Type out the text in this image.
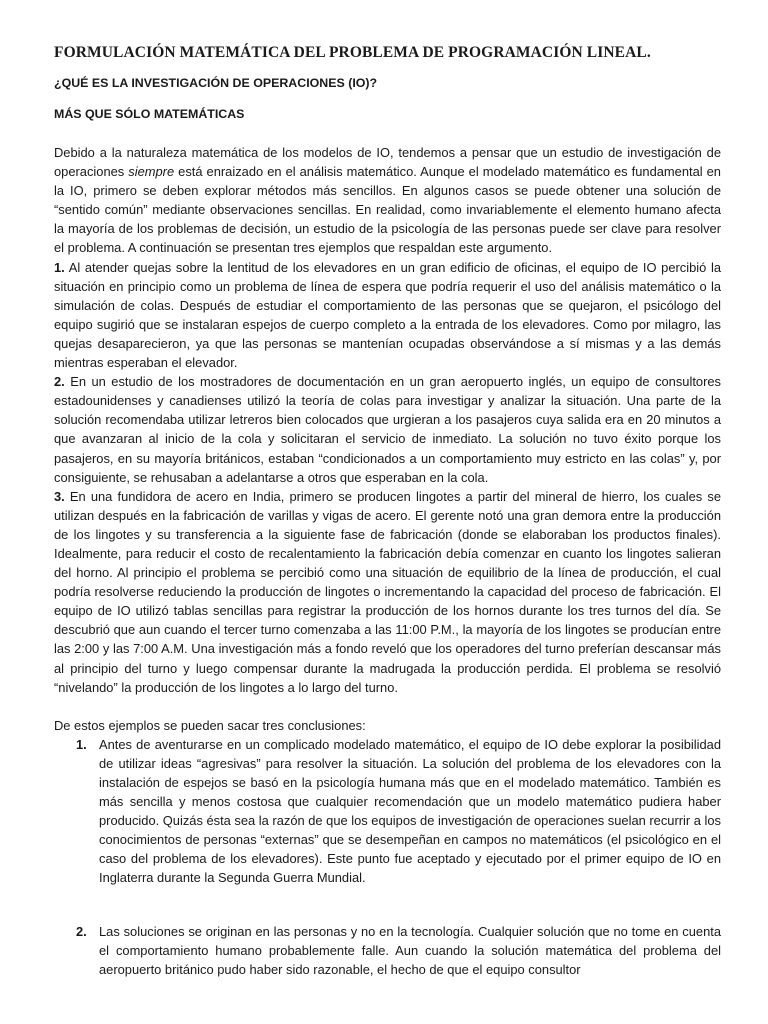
FORMULACIÓN MATEMÁTICA DEL PROBLEMA DE PROGRAMACIÓN LINEAL.
¿QUÉ ES LA INVESTIGACIÓN DE OPERACIONES (IO)?
MÁS QUE SÓLO MATEMÁTICAS

Debido a la naturaleza matemática de los modelos de IO, tendemos a pensar que un estudio de investigación de operaciones siempre está enraizado en el análisis matemático. Aunque el modelado matemático es fundamental en la IO, primero se deben explorar métodos más sencillos. En algunos casos se puede obtener una solución de “sentido común” mediante observaciones sencillas. En realidad, como invariablemente el elemento humano afecta la mayoría de los problemas de decisión, un estudio de la psicología de las personas puede ser clave para resolver el problema. A continuación se presentan tres ejemplos que respaldan este argumento.

1. Al atender quejas sobre la lentitud de los elevadores en un gran edificio de oficinas, el equipo de IO percibió la situación en principio como un problema de línea de espera que podría requerir el uso del análisis matemático o la simulación de colas. Después de estudiar el comportamiento de las personas que se quejaron, el psicólogo del equipo sugirió que se instalaran espejos de cuerpo completo a la entrada de los elevadores. Como por milagro, las quejas desaparecieron, ya que las personas se mantenían ocupadas observándose a sí mismas y a las demás mientras esperaban el elevador.

2. En un estudio de los mostradores de documentación en un gran aeropuerto inglés, un equipo de consultores estadounidenses y canadienses utilizó la teoría de colas para investigar y analizar la situación. Una parte de la solución recomendaba utilizar letreros bien colocados que urgieran a los pasajeros cuya salida era en 20 minutos a que avanzaran al inicio de la cola y solicitaran el servicio de inmediato. La solución no tuvo éxito porque los pasajeros, en su mayoría británicos, estaban “condicionados a un comportamiento muy estricto en las colas” y, por consiguiente, se rehusaban a adelantarse a otros que esperaban en la cola.

3. En una fundidora de acero en India, primero se producen lingotes a partir del mineral de hierro, los cuales se utilizan después en la fabricación de varillas y vigas de acero. El gerente notó una gran demora entre la producción de los lingotes y su transferencia a la siguiente fase de fabricación (donde se elaboraban los productos finales). Idealmente, para reducir el costo de recalentamiento la fabricación debía comenzar en cuanto los lingotes salieran del horno. Al principio el problema se percibió como una situación de equilibrio de la línea de producción, el cual podría resolverse reduciendo la producción de lingotes o incrementando la capacidad del proceso de fabricación. El equipo de IO utilizó tablas sencillas para registrar la producción de los hornos durante los tres turnos del día. Se descubrió que aun cuando el tercer turno comenzaba a las 11:00 P.M., la mayoría de los lingotes se producían entre las 2:00 y las 7:00 A.M. Una investigación más a fondo reveló que los operadores del turno preferían descansar más al principio del turno y luego compensar durante la madrugada la producción perdida. El problema se resolvió “nivelando” la producción de los lingotes a lo largo del turno.

De estos ejemplos se pueden sacar tres conclusiones:

1. Antes de aventurarse en un complicado modelado matemático, el equipo de IO debe explorar la posibilidad de utilizar ideas “agresivas” para resolver la situación. La solución del problema de los elevadores con la instalación de espejos se basó en la psicología humana más que en el modelado matemático. También es más sencilla y menos costosa que cualquier recomendación que un modelo matemático pudiera haber producido. Quizás ésta sea la razón de que los equipos de investigación de operaciones suelan recurrir a los conocimientos de personas “externas” que se desempeñan en campos no matemáticos (el psicológico en el caso del problema de los elevadores). Este punto fue aceptado y ejecutado por el primer equipo de IO en Inglaterra durante la Segunda Guerra Mundial.
2. Las soluciones se originan en las personas y no en la tecnología. Cualquier solución que no tome en cuenta el comportamiento humano probablemente falle. Aun cuando la solución matemática del problema del aeropuerto británico pudo haber sido razonable, el hecho de que el equipo consultor
